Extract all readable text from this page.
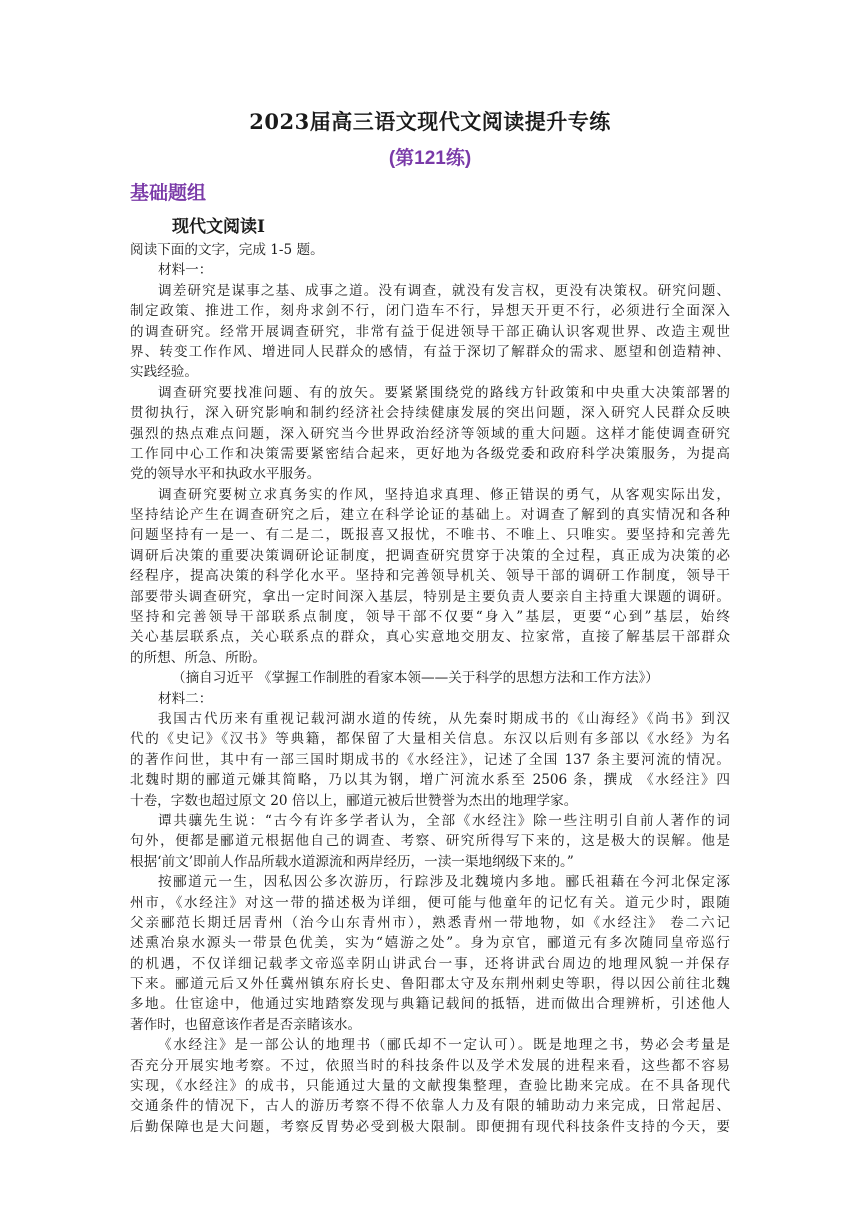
2023届高三语文现代文阅读提升专练
(第121练)
基础题组
现代文阅读Ⅰ
阅读下面的文字，完成 1-5 题。
材料一：
调差研究是谋事之基、成事之道。没有调查，就没有发言权，更没有决策权。研究问题、
制定政策、推进工作，刻舟求剑不行，闭门造车不行，异想天开更不行，必须进行全面深入
的调查研究。经常开展调查研究，非常有益于促进领导干部正确认识客观世界、改造主观世
界、转变工作作风、增进同人民群众的感情，有益于深切了解群众的需求、愿望和创造精神、
实践经验。
调查研究要找准问题、有的放矢。要紧紧围绕党的路线方针政策和中央重大决策部署的
贯彻执行，深入研究影响和制约经济社会持续健康发展的突出问题，深入研究人民群众反映
强烈的热点难点问题，深入研究当今世界政治经济等领域的重大问题。这样才能使调查研究
工作同中心工作和决策需要紧密结合起来，更好地为各级党委和政府科学决策服务，为提高
党的领导水平和执政水平服务。
调查研究要树立求真务实的作风，坚持追求真理、修正错误的勇气，从客观实际出发，
坚持结论产生在调查研究之后，建立在科学论证的基础上。对调查了解到的真实情况和各种
问题坚持有一是一、有二是二，既报喜又报忧，不唯书、不唯上、只唯实。要坚持和完善先
调研后决策的重要决策调研论证制度，把调查研究贯穿于决策的全过程，真正成为决策的必
经程序，提高决策的科学化水平。坚持和完善领导机关、领导干部的调研工作制度，领导干
部要带头调查研究，拿出一定时间深入基层，特别是主要负责人要亲自主持重大课题的调研。
坚持和完善领导干部联系点制度，领导干部不仅要“身入”基层，更要“心到”基层，始终
关心基层联系点，关心联系点的群众，真心实意地交朋友、拉家常，直接了解基层干部群众
的所想、所急、所盼。
（摘自习近平 《掌握工作制胜的看家本领——关于科学的思想方法和工作方法》）
材料二：
我国古代历来有重视记载河湖水道的传统，从先秦时期成书的《山海经》《尚书》到汉
代的《史记》《汉书》等典籍，都保留了大量相关信息。东汉以后则有多部以《水经》为名
的著作问世，其中有一部三国时期成书的《水经注》，记述了全国 137 条主要河流的情况。
北魏时期的郦道元嫌其简略，乃以其为钢，增广河流水系至 2506 条，撰成 《水经注》四
十卷，字数也超过原文 20 倍以上，郦道元被后世赞誉为杰出的地理学家。
谭共骧先生说：“古今有许多学者认为，全部《水经注》除一些注明引自前人著作的词
句外，便都是郦道元根据他自己的调查、考察、研究所得写下来的，这是极大的误解。他是
根据‘前文’即前人作品所载水道源流和两岸经历，一渎一渠地纲级下来的。”
按郦道元一生，因私因公多次游历，行踪涉及北魏境内多地。郦氏祖藉在今河北保定涿
州市，《水经注》对这一带的描述极为详细，便可能与他童年的记忆有关。道元少时，跟随
父亲郦范长期迁居青州（治今山东青州市），熟悉青州一带地物，如《水经注》 卷二六记
述熏冶泉水源头一带景色优美，实为“嬉游之处”。身为京官，郦道元有多次随同皇帝巡行
的机遇，不仅详细记载孝文帝巡幸阴山讲武台一事，还将讲武台周边的地理风貌一并保存
下来。郦道元后又外任冀州镇东府长史、鲁阳郡太守及东荆州刺史等职，得以因公前往北魏
多地。仕宦途中，他通过实地踏察发现与典籍记载间的抵牾，进而做出合理辨析，引述他人
著作时，也留意该作者是否亲睹该水。
《水经注》是一部公认的地理书（郦氏却不一定认可）。既是地理之书，势必会考量是
否充分开展实地考察。不过，依照当时的科技条件以及学术发展的进程来看，这些都不容易
实现，《水经注》的成书，只能通过大量的文献搜集整理，查验比勘来完成。在不具备现代
交通条件的情况下，古人的游历考察不得不依靠人力及有限的辅助动力来完成，日常起居、
后勤保障也是大问题，考察反胃势必受到极大限制。即便拥有现代科技条件支持的今天，要
